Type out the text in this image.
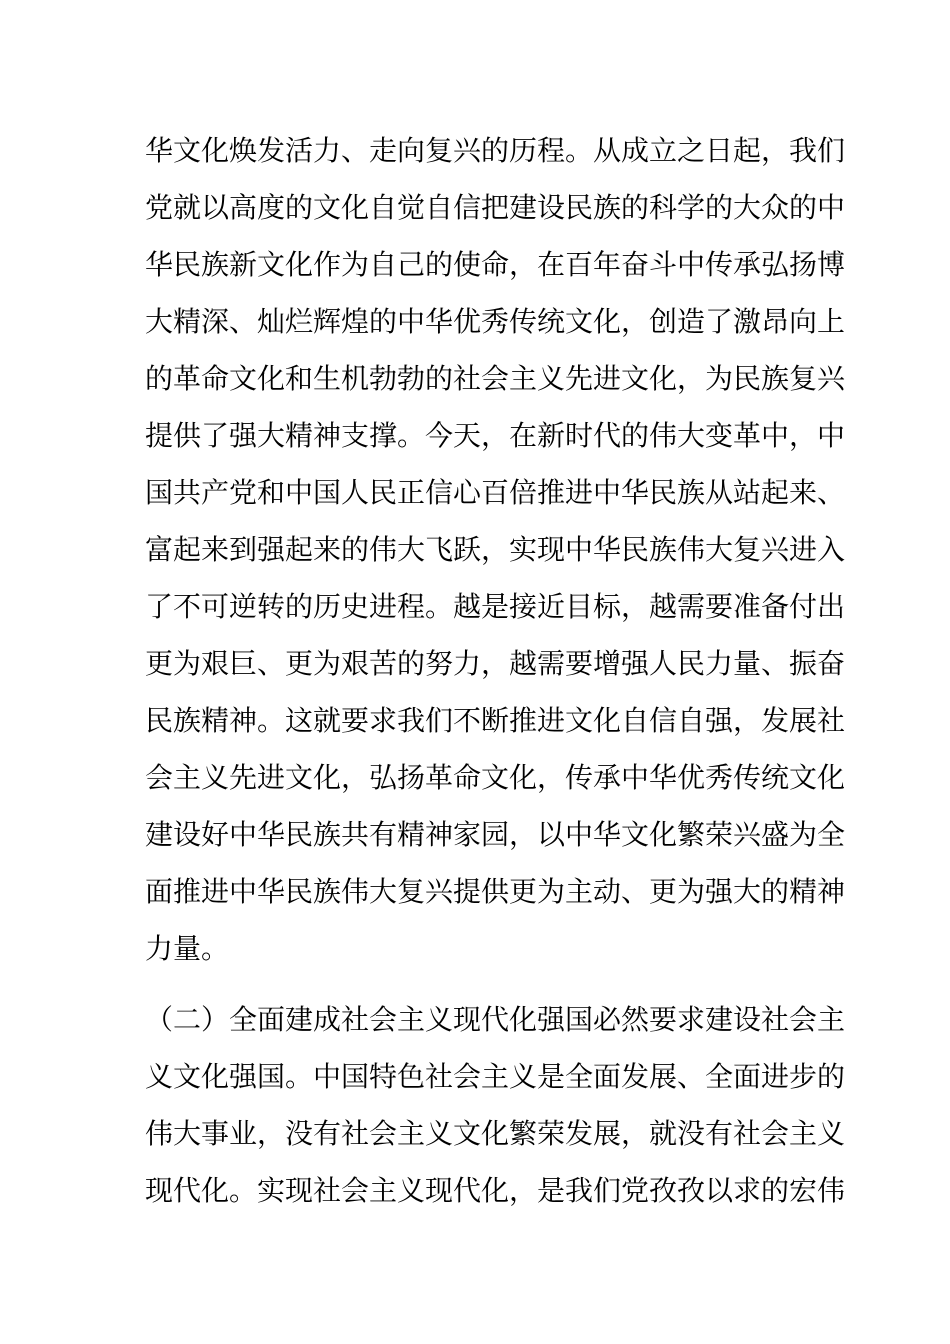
华文化焕发活力、走向复兴的历程。从成立之日起，我们
党就以高度的文化自觉自信把建设民族的科学的大众的中
华民族新文化作为自己的使命，在百年奋斗中传承弘扬博
大精深、灿烂辉煌的中华优秀传统文化，创造了激昂向上
的革命文化和生机勃勃的社会主义先进文化，为民族复兴
提供了强大精神支撑。今天，在新时代的伟大变革中，中
国共产党和中国人民正信心百倍推进中华民族从站起来、
富起来到强起来的伟大飞跃，实现中华民族伟大复兴进入
了不可逆转的历史进程。越是接近目标，越需要准备付出
更为艰巨、更为艰苦的努力，越需要增强人民力量、振奋
民族精神。这就要求我们不断推进文化自信自强，发展社
会主义先进文化，弘扬革命文化，传承中华优秀传统文化
建设好中华民族共有精神家园，以中华文化繁荣兴盛为全
面推进中华民族伟大复兴提供更为主动、更为强大的精神
力量。
（二）全面建成社会主义现代化强国必然要求建设社会主
义文化强国。中国特色社会主义是全面发展、全面进步的
伟大事业，没有社会主义文化繁荣发展，就没有社会主义
现代化。实现社会主义现代化，是我们党孜孜以求的宏伟
